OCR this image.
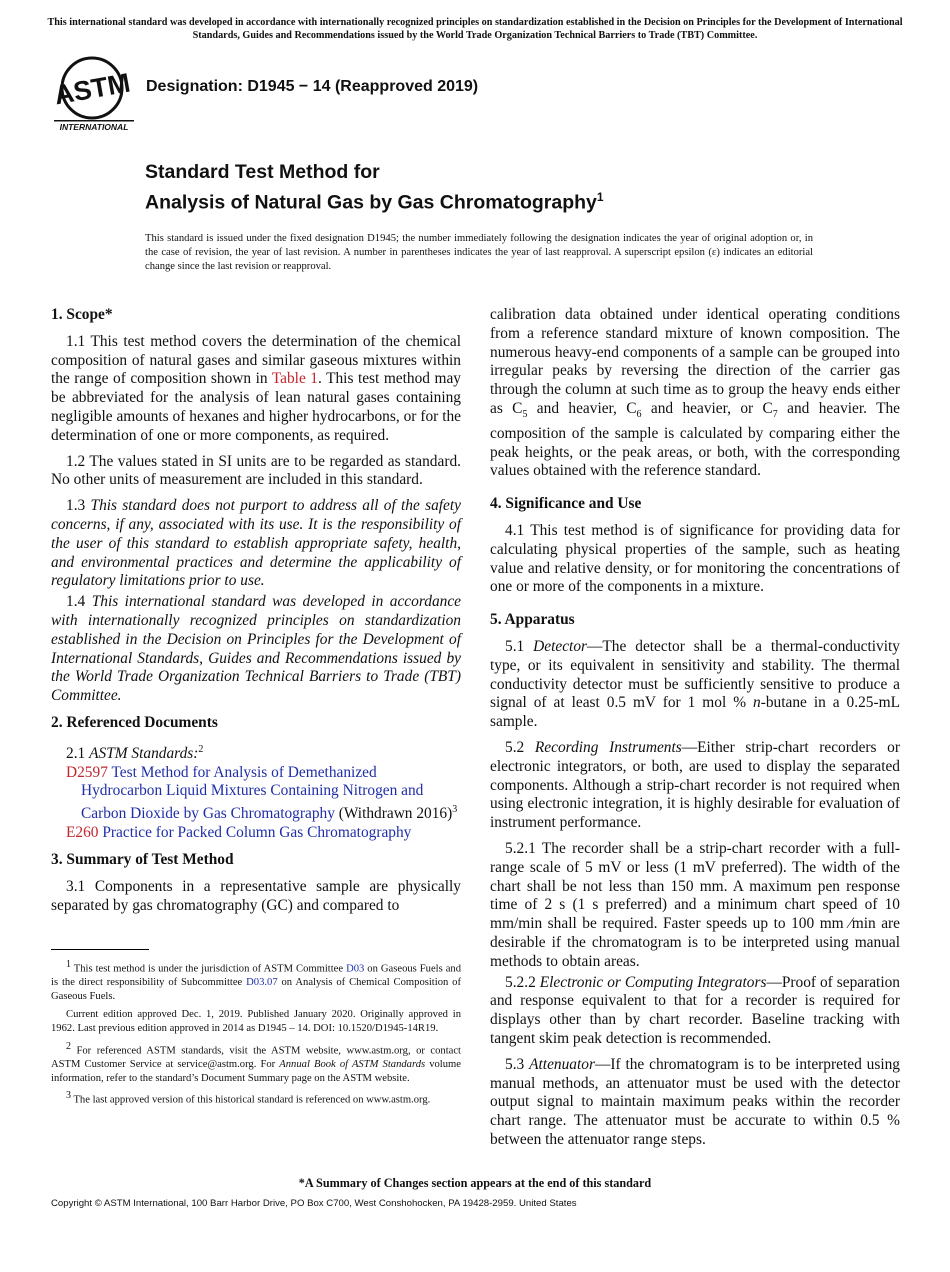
This international standard was developed in accordance with internationally recognized principles on standardization established in the Decision on Principles for the Development of International Standards, Guides and Recommendations issued by the World Trade Organization Technical Barriers to Trade (TBT) Committee.
ASTM
INTERNATIONAL
Designation: D1945 − 14 (Reapproved 2019)
Standard Test Method for
Analysis of Natural Gas by Gas Chromatography$^1$
This standard is issued under the fixed designation D1945; the number immediately following the designation indicates the year of original adoption or, in the case of revision, the year of last revision. A number in parentheses indicates the year of last reapproval. A superscript epsilon (ε) indicates an editorial change since the last revision or reapproval.
1. Scope*

1.1 This test method covers the determination of the chemical composition of natural gases and similar gaseous mixtures within the range of composition shown in Table 1. This test method may be abbreviated for the analysis of lean natural gases containing negligible amounts of hexanes and higher hydrocarbons, or for the determination of one or more components, as required.

1.2 The values stated in SI units are to be regarded as standard. No other units of measurement are included in this standard.

1.3 This standard does not purport to address all of the safety concerns, if any, associated with its use. It is the responsibility of the user of this standard to establish appropriate safety, health, and environmental practices and determine the applicability of regulatory limitations prior to use.

1.4 This international standard was developed in accordance with internationally recognized principles on standardization established in the Decision on Principles for the Development of International Standards, Guides and Recommendations issued by the World Trade Organization Technical Barriers to Trade (TBT) Committee.

2. Referenced Documents

2.1 ASTM Standards:$^2$

D2597 Test Method for Analysis of Demethanized Hydrocarbon Liquid Mixtures Containing Nitrogen and Carbon Dioxide by Gas Chromatography (Withdrawn 2016)$^3$
E260 Practice for Packed Column Gas Chromatography
3. Summary of Test Method

3.1 Components in a representative sample are physically separated by gas chromatography (GC) and compared to

$^1$ This test method is under the jurisdiction of ASTM Committee D03 on Gaseous Fuels and is the direct responsibility of Subcommittee D03.07 on Analysis of Chemical Composition of Gaseous Fuels.

Current edition approved Dec. 1, 2019. Published January 2020. Originally approved in 1962. Last previous edition approved in 2014 as D1945 – 14. DOI: 10.1520/D1945-14R19.

$^2$ For referenced ASTM standards, visit the ASTM website, www.astm.org, or contact ASTM Customer Service at service@astm.org. For Annual Book of ASTM Standards volume information, refer to the standard’s Document Summary page on the ASTM website.

$^3$ The last approved version of this historical standard is referenced on www.astm.org.

calibration data obtained under identical operating conditions from a reference standard mixture of known composition. The numerous heavy-end components of a sample can be grouped into irregular peaks by reversing the direction of the carrier gas through the column at such time as to group the heavy ends either as $C_5$ and heavier, $C_6$ and heavier, or $C_7$ and heavier. The composition of the sample is calculated by comparing either the peak heights, or the peak areas, or both, with the corresponding values obtained with the reference standard.

4. Significance and Use

4.1 This test method is of significance for providing data for calculating physical properties of the sample, such as heating value and relative density, or for monitoring the concentrations of one or more of the components in a mixture.

5. Apparatus

5.1 Detector—The detector shall be a thermal-conductivity type, or its equivalent in sensitivity and stability. The thermal conductivity detector must be sufficiently sensitive to produce a signal of at least 0.5 mV for 1 mol % n-butane in a 0.25-mL sample.

5.2 Recording Instruments—Either strip-chart recorders or electronic integrators, or both, are used to display the separated components. Although a strip-chart recorder is not required when using electronic integration, it is highly desirable for evaluation of instrument performance.

5.2.1 The recorder shall be a strip-chart recorder with a full-range scale of 5 mV or less (1 mV preferred). The width of the chart shall be not less than 150 mm. A maximum pen response time of 2 s (1 s preferred) and a minimum chart speed of 10 mm/min shall be required. Faster speeds up to 100 mm ⁄min are desirable if the chromatogram is to be interpreted using manual methods to obtain areas.

5.2.2 Electronic or Computing Integrators—Proof of separation and response equivalent to that for a recorder is required for displays other than by chart recorder. Baseline tracking with tangent skim peak detection is recommended.

5.3 Attenuator—If the chromatogram is to be interpreted using manual methods, an attenuator must be used with the detector output signal to maintain maximum peaks within the recorder chart range. The attenuator must be accurate to within 0.5 % between the attenuator range steps.

*A Summary of Changes section appears at the end of this standard
Copyright © ASTM International, 100 Barr Harbor Drive, PO Box C700, West Conshohocken, PA 19428-2959. United States
